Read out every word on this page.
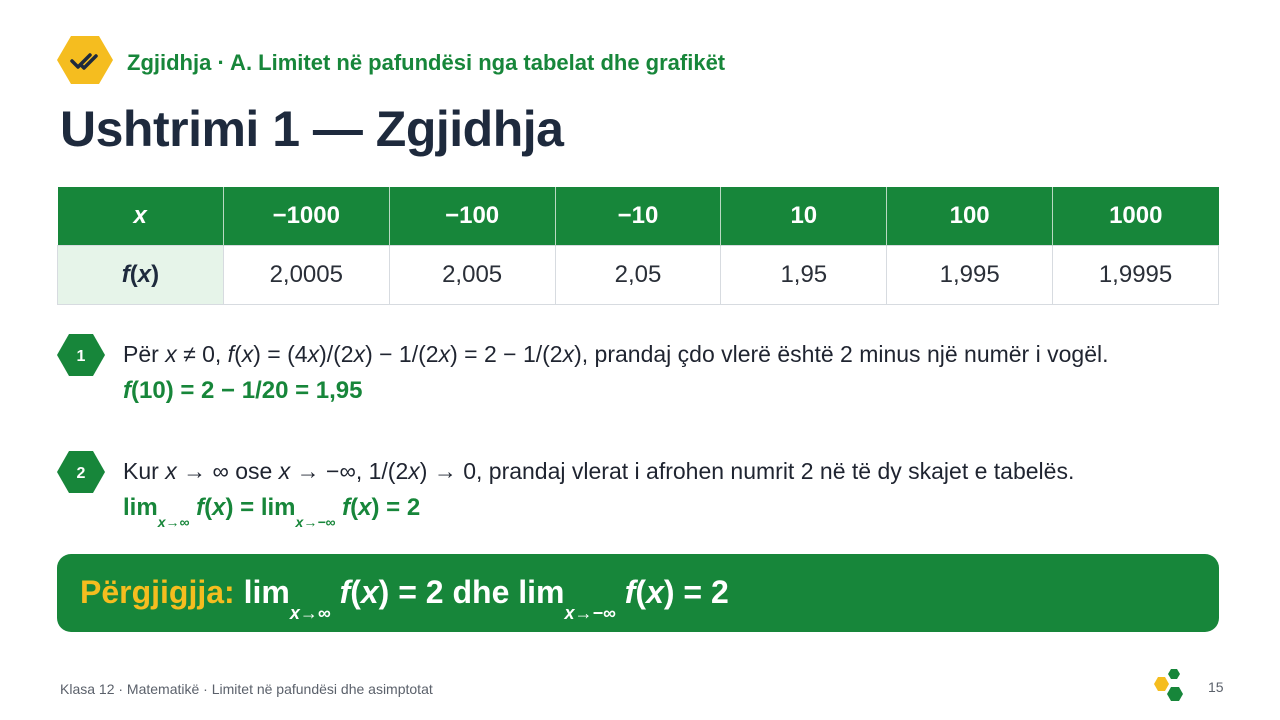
Zgjidhja · A. Limitet në pafundësi nga tabelat dhe grafikët
Ushtrimi 1 — Zgjidhja
x	−1000	−100	−10	10	100	1000
f(x)	2,0005	2,005	2,05	1,95	1,995	1,9995
1 Për x ≠ 0, f(x) = (4x)/(2x) − 1/(2x) = 2 − 1/(2x), prandaj çdo vlerë është 2 minus një numër i vogël.
f(10) = 2 − 1/20 = 1,95
2 Kur x → ∞ ose x → −∞, 1/(2x) → 0, prandaj vlerat i afrohen numrit 2 në të dy skajet e tabelës.
$\lim_{x\to\infty} f(x) = \lim_{x\to-\infty} f(x) = 2$
Përgjigjja: $\lim_{x\to\infty} f(x) = 2$ dhe $\lim_{x\to-\infty} f(x) = 2$
Klasa 12 · Matematikë · Limitet në pafundësi dhe asimptotat	15
